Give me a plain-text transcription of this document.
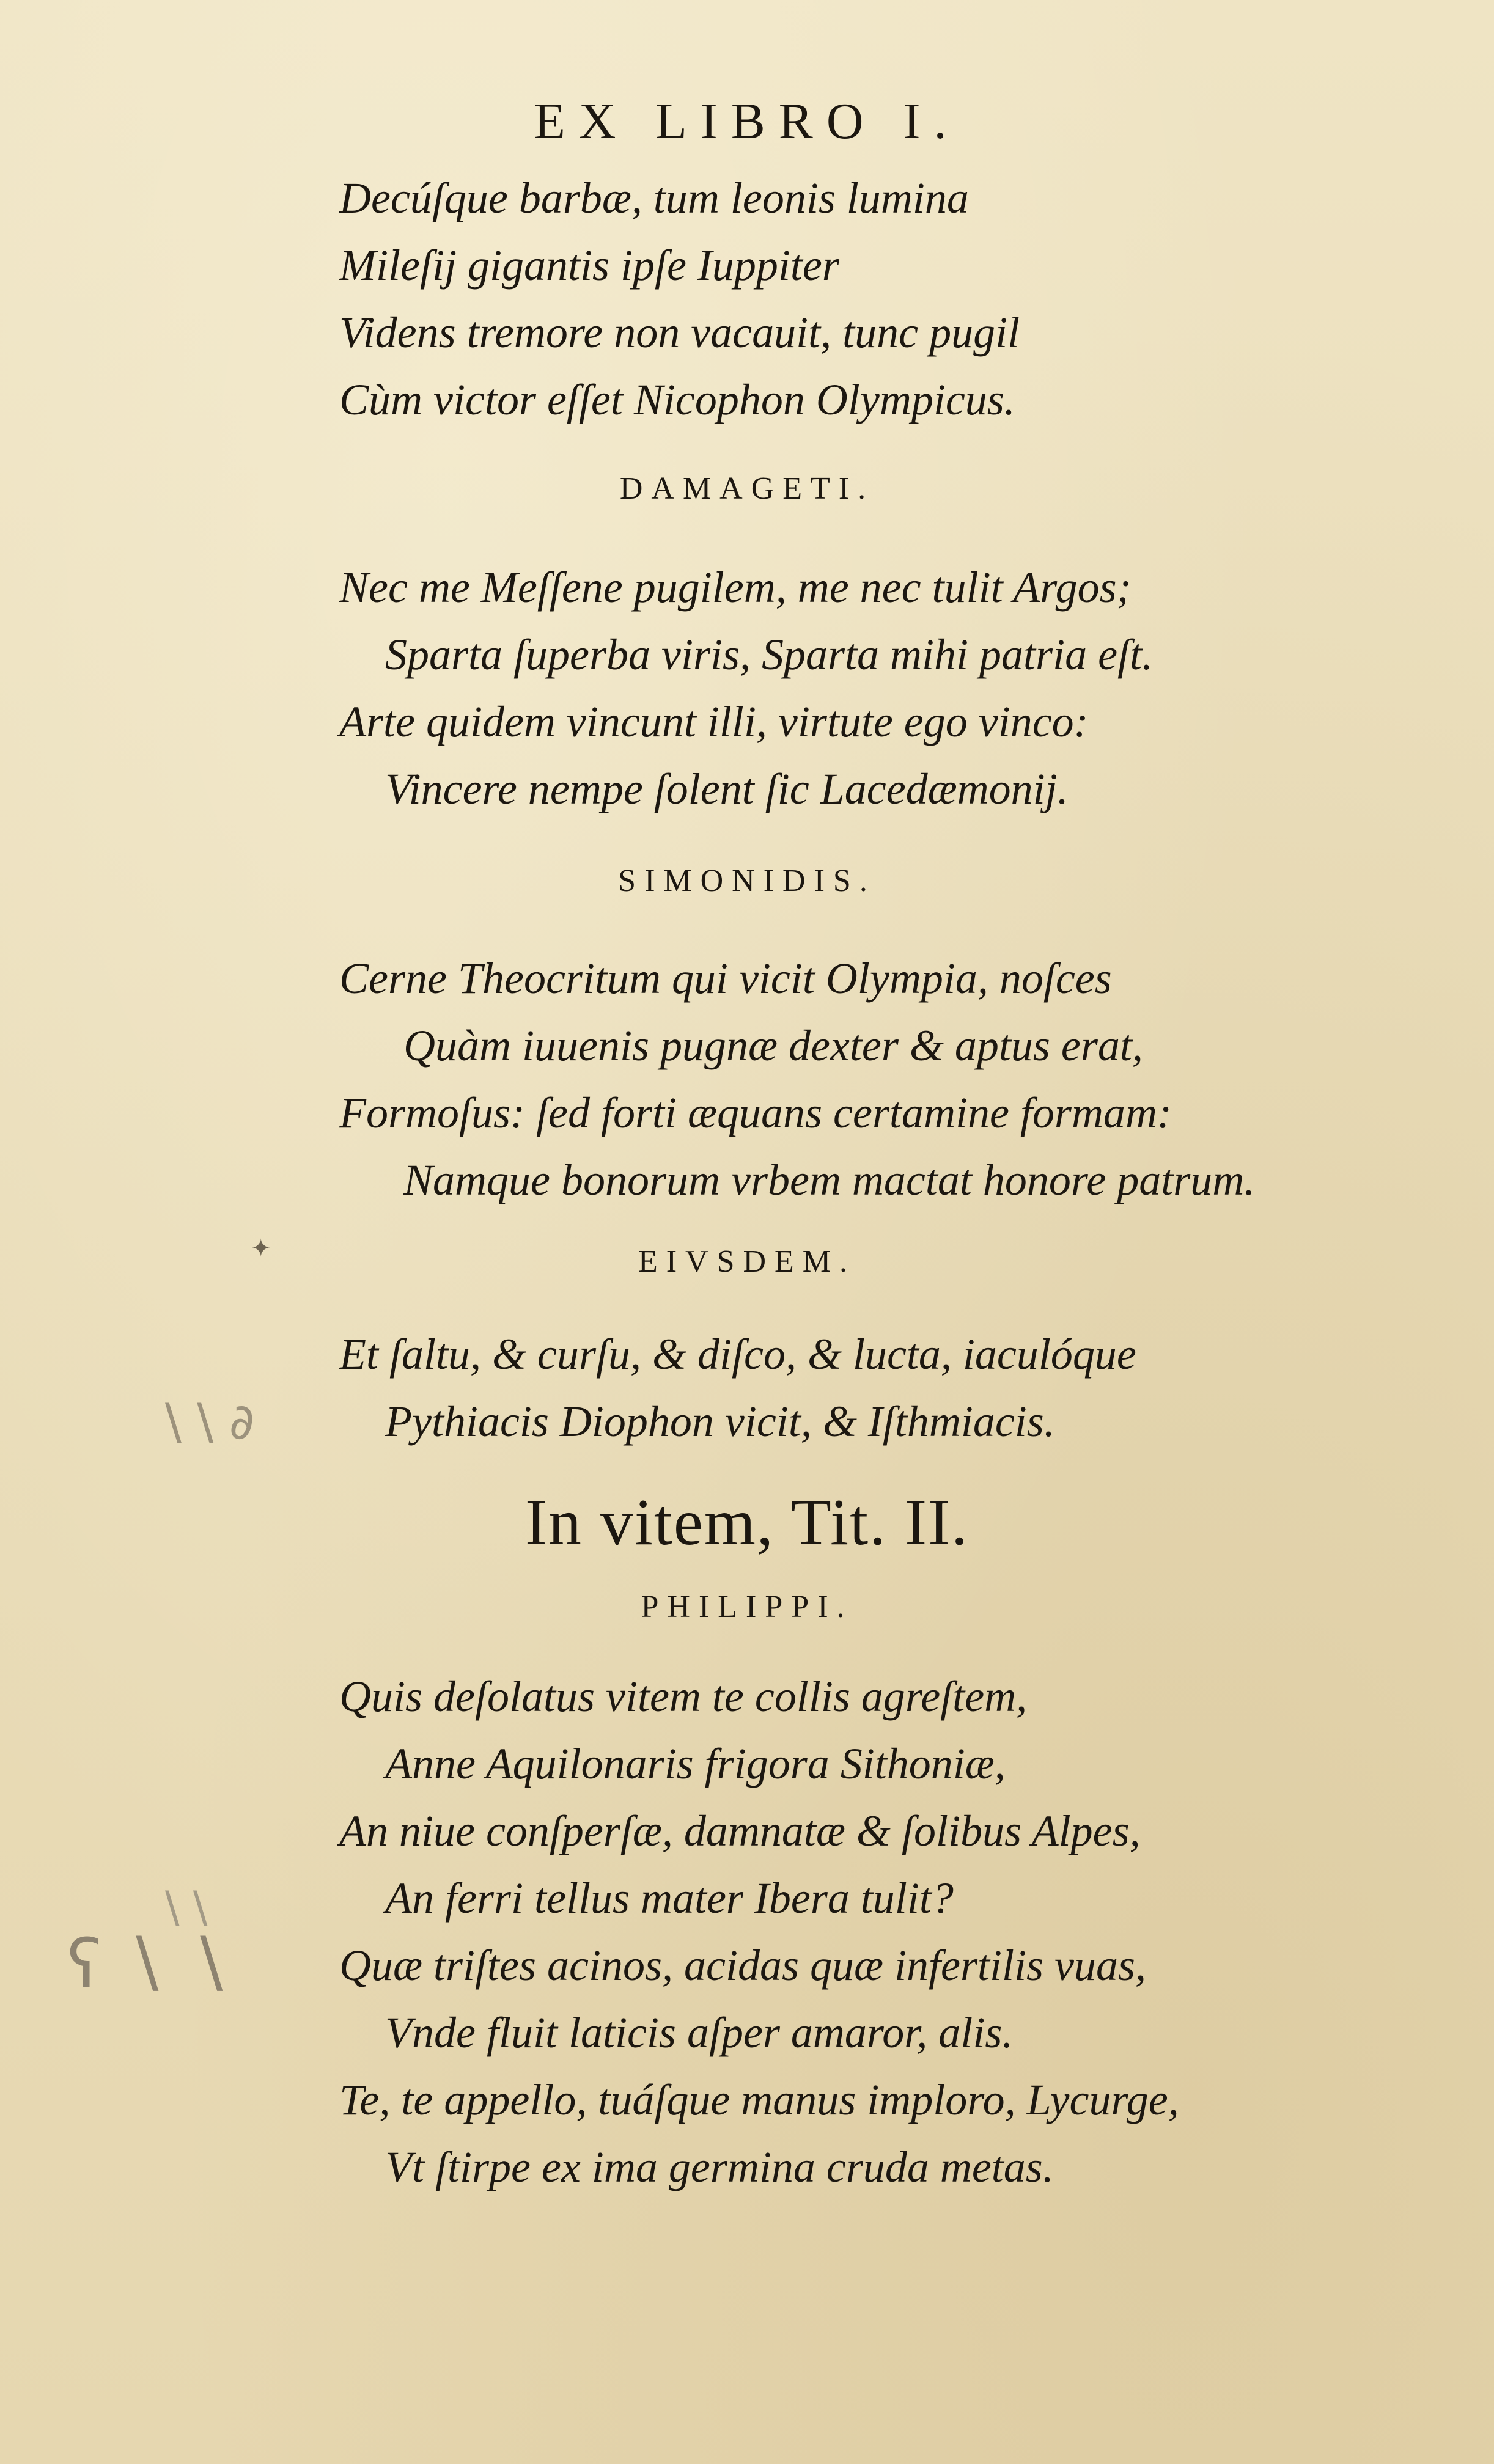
EX LIBRO I.
Decúſque barbæ, tum leonis lumina
Mileſij gigantis ipſe Iuppiter
Videns tremore non vacauit, tunc pugil
Cùm victor eſſet Nicophon Olympicus.
DAMAGETI.
Nec me Meſſene pugilem, me nec tulit Argos;
Sparta ſuperba viris, Sparta mihi patria eſt.
Arte quidem vincunt illi, virtute ego vinco:
Vincere nempe ſolent ſic Lacedæmonij.
SIMONIDIS.
Cerne Theocritum qui vicit Olympia, noſces
Quàm iuuenis pugnæ dexter & aptus erat,
Formoſus: ſed forti æquans certamine formam:
Namque bonorum vrbem mactat honore patrum.
EIVSDEM.
Et ſaltu, & curſu, & diſco, & lucta, iaculóque
Pythiacis Diophon vicit, & Iſthmiacis.
In vitem, Tit. II.
PHILIPPI.
Quis deſolatus vitem te collis agreſtem,
Anne Aquilonaris frigora Sithoniæ,
An niue conſperſæ, damnatæ & ſolibus Alpes,
An ferri tellus mater Ibera tulit?
Quæ triſtes acinos, acidas quæ infertilis vuas,
Vnde fluit laticis aſper amaror, alis.
Te, te appello, tuáſque manus imploro, Lycurge,
Vt ſtirpe ex ima germina cruda metas.
✦
\ \ ∂
ʕ ∖ ∖
\ \
